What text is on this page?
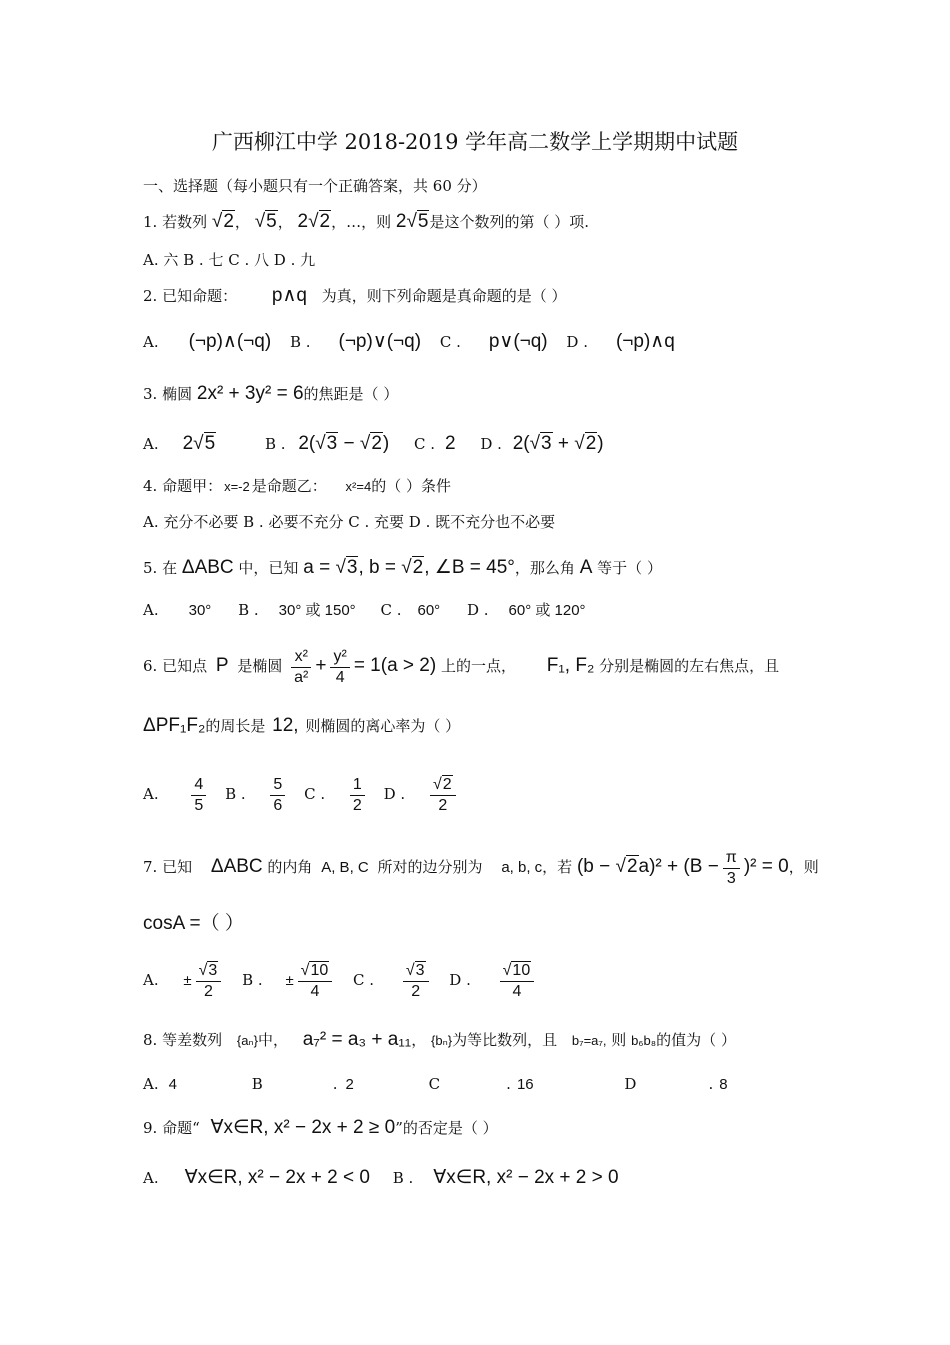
广西柳江中学 2018-2019 学年高二数学上学期期中试题
一、选择题（每小题只有一个正确答案，共 60 分）
1. 若数列 √2， √5， 2√2，…，则 2√5是这个数列的第（ ）项.
A. 六 B . 七 C . 八 D . 九
2. 已知命题： p∧q 为真，则下列命题是真命题的是（ ）
A. (¬p)∧(¬q) B . (¬p)∨(¬q) C . p∨(¬q) D . (¬p)∧q
3. 椭圆 2x² + 3y² = 6的焦距是（ ）
A. 2√5	B . 2(√3 − √2) C . 2 D . 2(√3 + √2)
4. 命题甲： x=-2 是命题乙： x²=4的（ ）条件
A. 充分不必要 B . 必要不充分 C . 充要 D . 既不充分也不必要
5. 在 ΔABC 中，已知 a = √3, b = √2, ∠B = 45°，那么角 A 等于（ ）
A. 30° B . 30° 或 150° C . 60° D . 60° 或 120°
6. 已知点 P 是椭圆 $\frac{\text{x²}}{\text{a²}} + \frac{\text{y²}}{4} = 1(a > 2)$ 上的一点， F₁, F₂ 分别是椭圆的左右焦点，且
ΔPF₁F₂的周长是 12, 则椭圆的离心率为（ ）
A. $\frac{4}{5}$ B . $\frac{5}{6}$ C . $\frac{1}{2}$ D . $\frac{√2}{2}$
7. 已知 ΔABC 的内角 A, B, C 所对的边分别为 a, b, c，若 $(b - √2a)^2 + (B - \frac{\pi}{3} )^2 = 0$，则
cosA =（ ）
A. ± $\frac{√3}{2}$ B . ± $\frac{√10}{4}$ C . $\frac{√3}{2}$ D . $\frac{√10}{4}$
8. 等差数列 {aₙ}中， a₇² = a₃ + a₁₁， {bₙ}为等比数列，且 b₇=a₇, 则 b₆b₈的值为（ ）
A. 4	B	. 2	C	. 16	D	. 8
9. 命题“ ∀x∈R, x² − 2x + 2 ≥ 0”的否定是（ ）
A. ∀x∈R, x² − 2x + 2 < 0 B . ∀x∈R, x² − 2x + 2 > 0
